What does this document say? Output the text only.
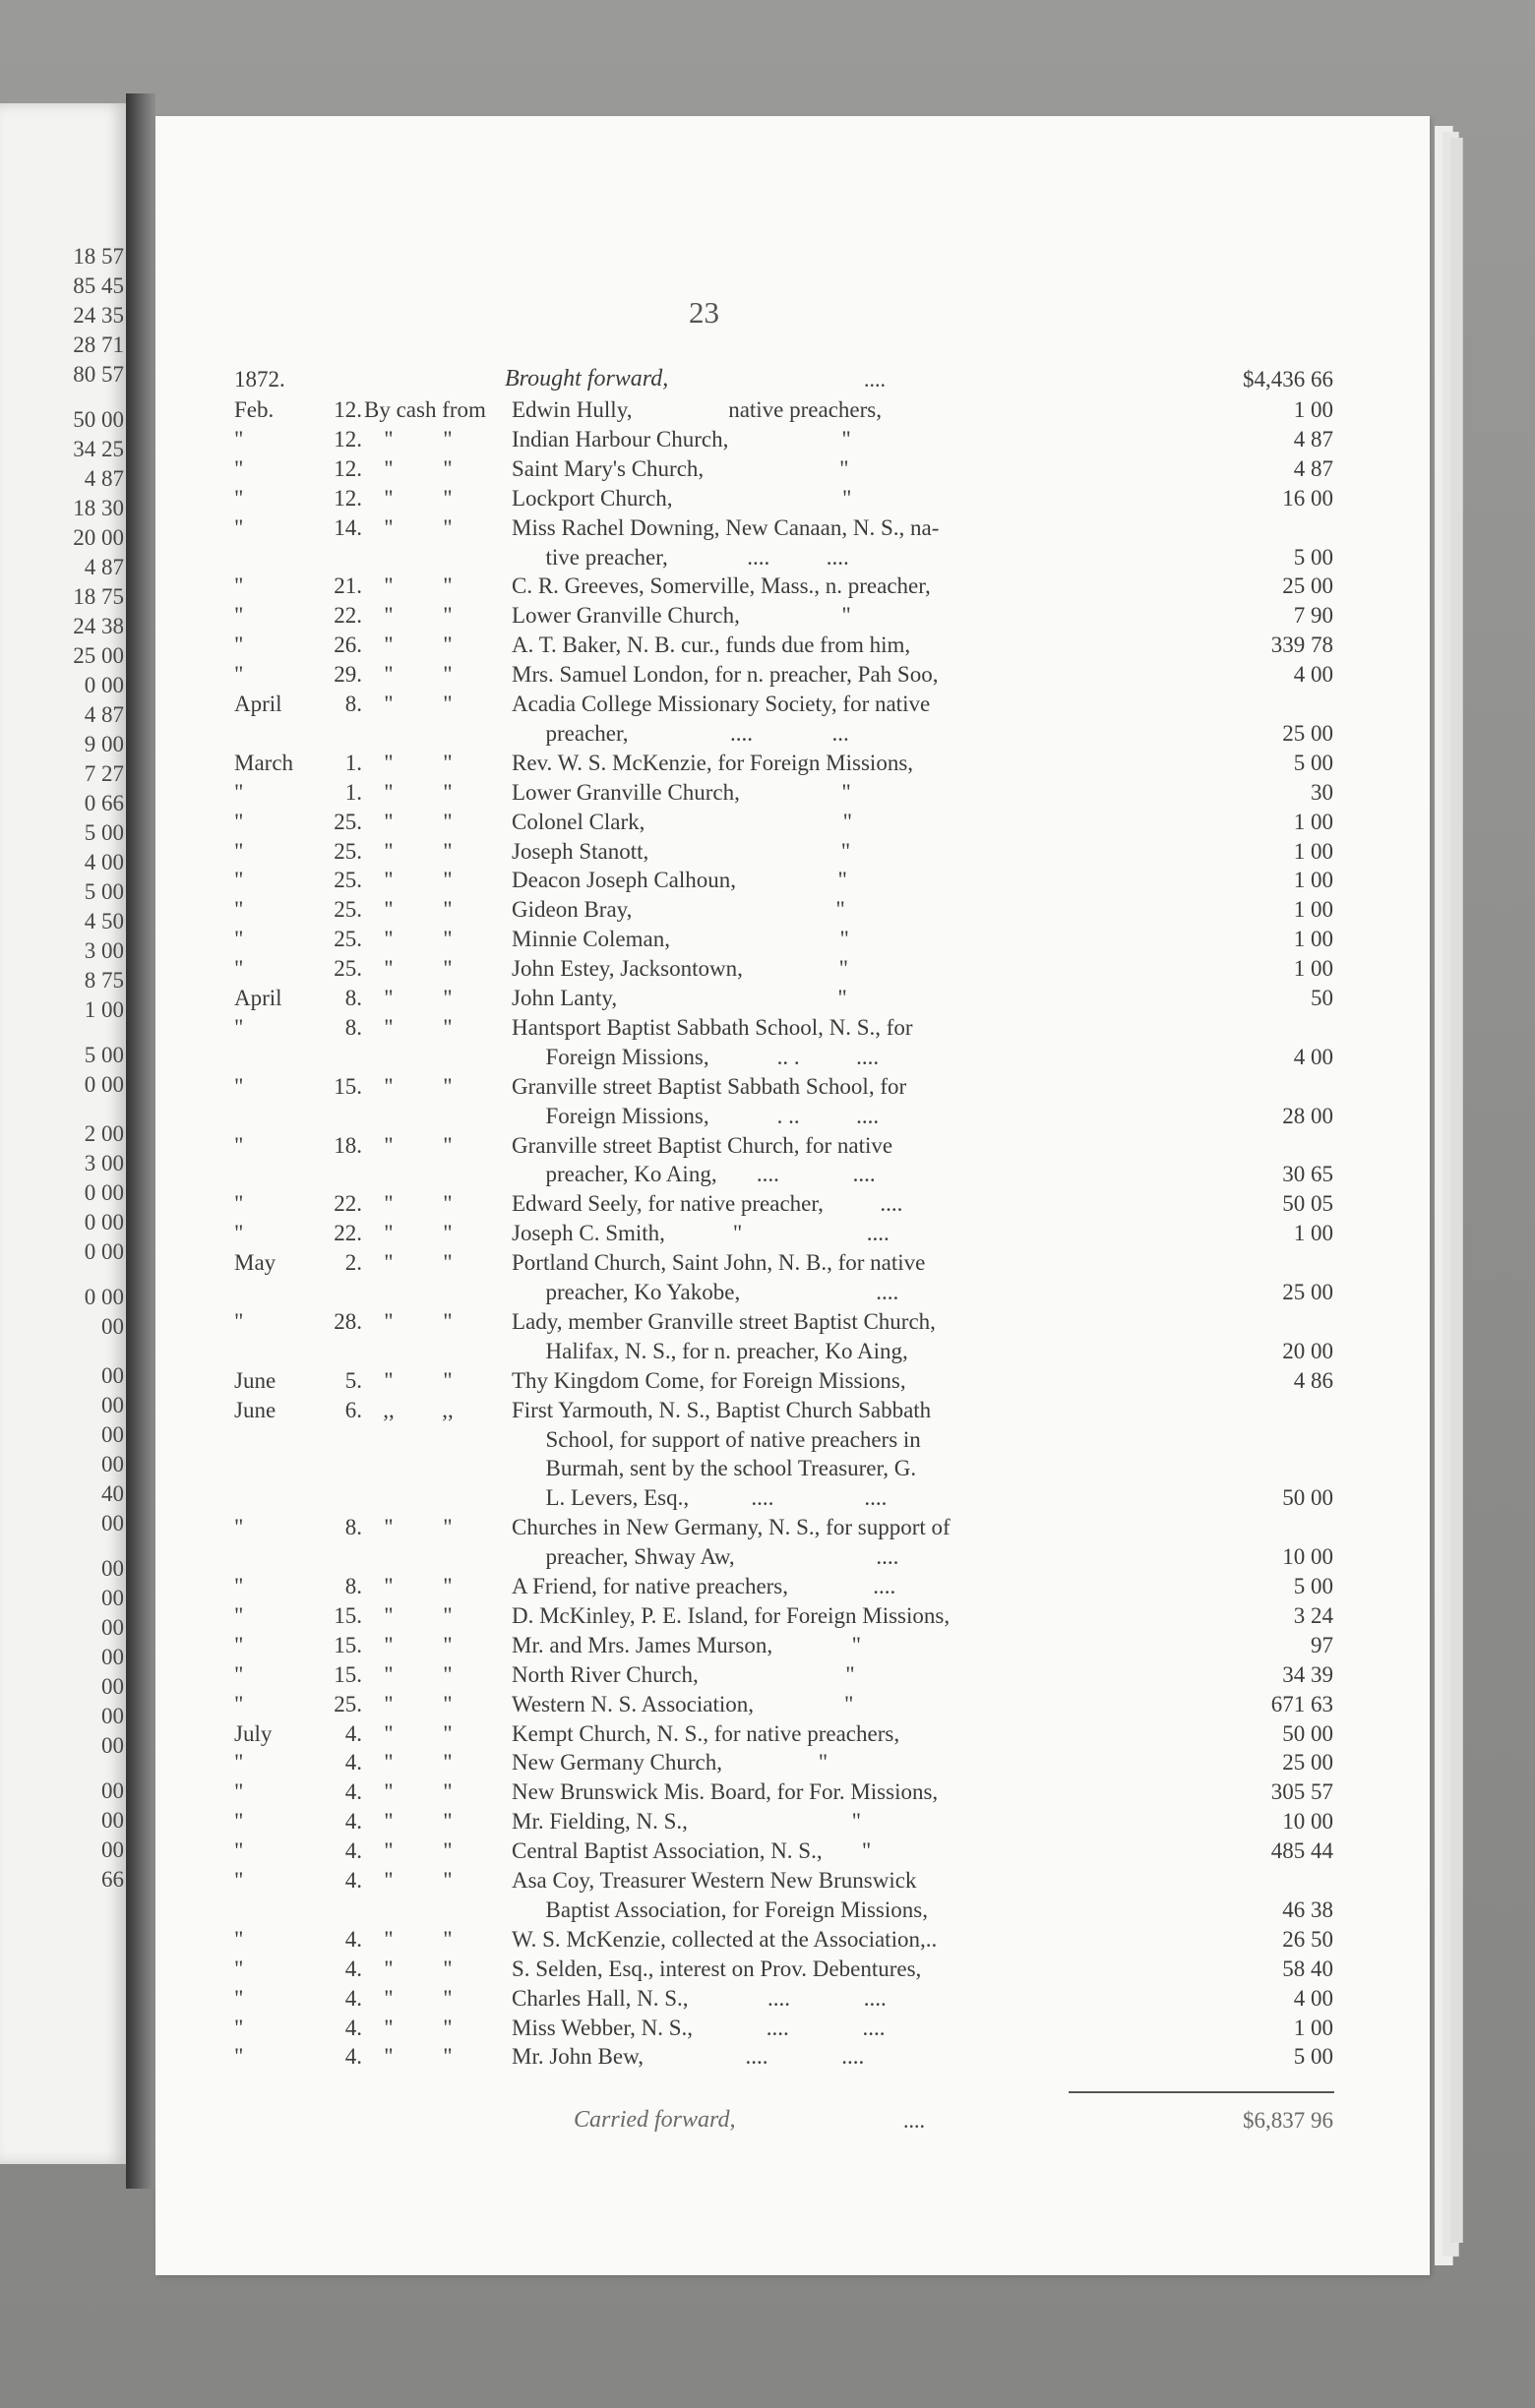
18 57
85 45
24 35
28 71
80 57
50 00
34 25
4 87
18 30
20 00
4 87
18 75
24 38
25 00
0 00
4 87
9 00
7 27
0 66
5 00
4 00
5 00
4 50
3 00
8 75
1 00
5 00
0 00
2 00
3 00
0 00
0 00
0 00
0 00
00
00
00
00
00
40
00
00
00
00
00
00
00
00
00
00
00
66
23
1872.	Brought forward,	....	$4,436 66
Feb.	12. By cash from Edwin Hully,                 native preachers,	1 00
"	12. "	"	Indian Harbour Church,                    "	4 87
"	12. "	"	Saint Mary's Church,                        "	4 87
"	12. "	"	Lockport Church,                              "	16 00
"	14. "	"	Miss Rachel Downing, New Canaan, N. S., na-
tive preacher,              ....          ....	5 00
"	21. "	"	C. R. Greeves, Somerville, Mass., n. preacher,	25 00
"	22. "	"	Lower Granville Church,                  "	7 90
"	26. "	"	A. T. Baker, N. B. cur., funds due from him,	339 78
"	29. "	"	Mrs. Samuel London, for n. preacher, Pah Soo,	4 00
April	8. "	"	Acadia College Missionary Society, for native
preacher,                  ....              ...	25 00
March	1. "	"	Rev. W. S. McKenzie, for Foreign Missions,	5 00
"	1. "	"	Lower Granville Church,                  "	30
"	25. "	"	Colonel Clark,                                   "	1 00
"	25. "	"	Joseph Stanott,                                  "	1 00
"	25. "	"	Deacon Joseph Calhoun,                  "	1 00
"	25. "	"	Gideon Bray,                                    "	1 00
"	25. "	"	Minnie Coleman,                              "	1 00
"	25. "	"	John Estey, Jacksontown,                 "	1 00
April	8. "	"	John Lanty,                                       "	50
"	8. "	"	Hantsport Baptist Sabbath School, N. S., for
Foreign Missions,            .. .          ....	4 00
"	15. "	"	Granville street Baptist Sabbath School, for
Foreign Missions,            . ..          ....	28 00
"	18. "	"	Granville street Baptist Church, for native
preacher, Ko Aing,       ....             ....	30 65
"	22. "	"	Edward Seely, for native preacher,          ....	50 05
"	22. "	"	Joseph C. Smith,            "                      ....	1 00
May	2. "	"	Portland Church, Saint John, N. B., for native
preacher, Ko Yakobe,                        ....	25 00
"	28. "	"	Lady, member Granville street Baptist Church,
Halifax, N. S., for n. preacher, Ko Aing,	20 00
June	5. "	"	Thy Kingdom Come, for Foreign Missions,	4 86
June	6. ,,	,,	First Yarmouth, N. S., Baptist Church Sabbath
School, for support of native preachers in
Burmah, sent by the school Treasurer, G.
L. Levers, Esq.,           ....                ....	50 00
"	8. "	"	Churches in New Germany, N. S., for support of
preacher, Shway Aw,                         ....	10 00
"	8. "	"	A Friend, for native preachers,               ....	5 00
"	15. "	"	D. McKinley, P. E. Island, for Foreign Missions,	3 24
"	15. "	"	Mr. and Mrs. James Murson,              "	97
"	15. "	"	North River Church,                          "	34 39
"	25. "	"	Western N. S. Association,                "	671 63
July	4. "	"	Kempt Church, N. S., for native preachers,	50 00
"	4. "	"	New Germany Church,                 "	25 00
"	4. "	"	New Brunswick Mis. Board, for For. Missions,	305 57
"	4. "	"	Mr. Fielding, N. S.,                             "	10 00
"	4. "	"	Central Baptist Association, N. S.,       "	485 44
"	4. "	"	Asa Coy, Treasurer Western New Brunswick
Baptist Association, for Foreign Missions,	46 38
"	4. "	"	W. S. McKenzie, collected at the Association,..	26 50
"	4. "	"	S. Selden, Esq., interest on Prov. Debentures,	58 40
"	4. "	"	Charles Hall, N. S.,              ....             ....	4 00
"	4. "	"	Miss Webber, N. S.,             ....             ....	1 00
"	4. "	"	Mr. John Bew,                  ....             ....	5 00
Carried forward,	....	$6,837 96
